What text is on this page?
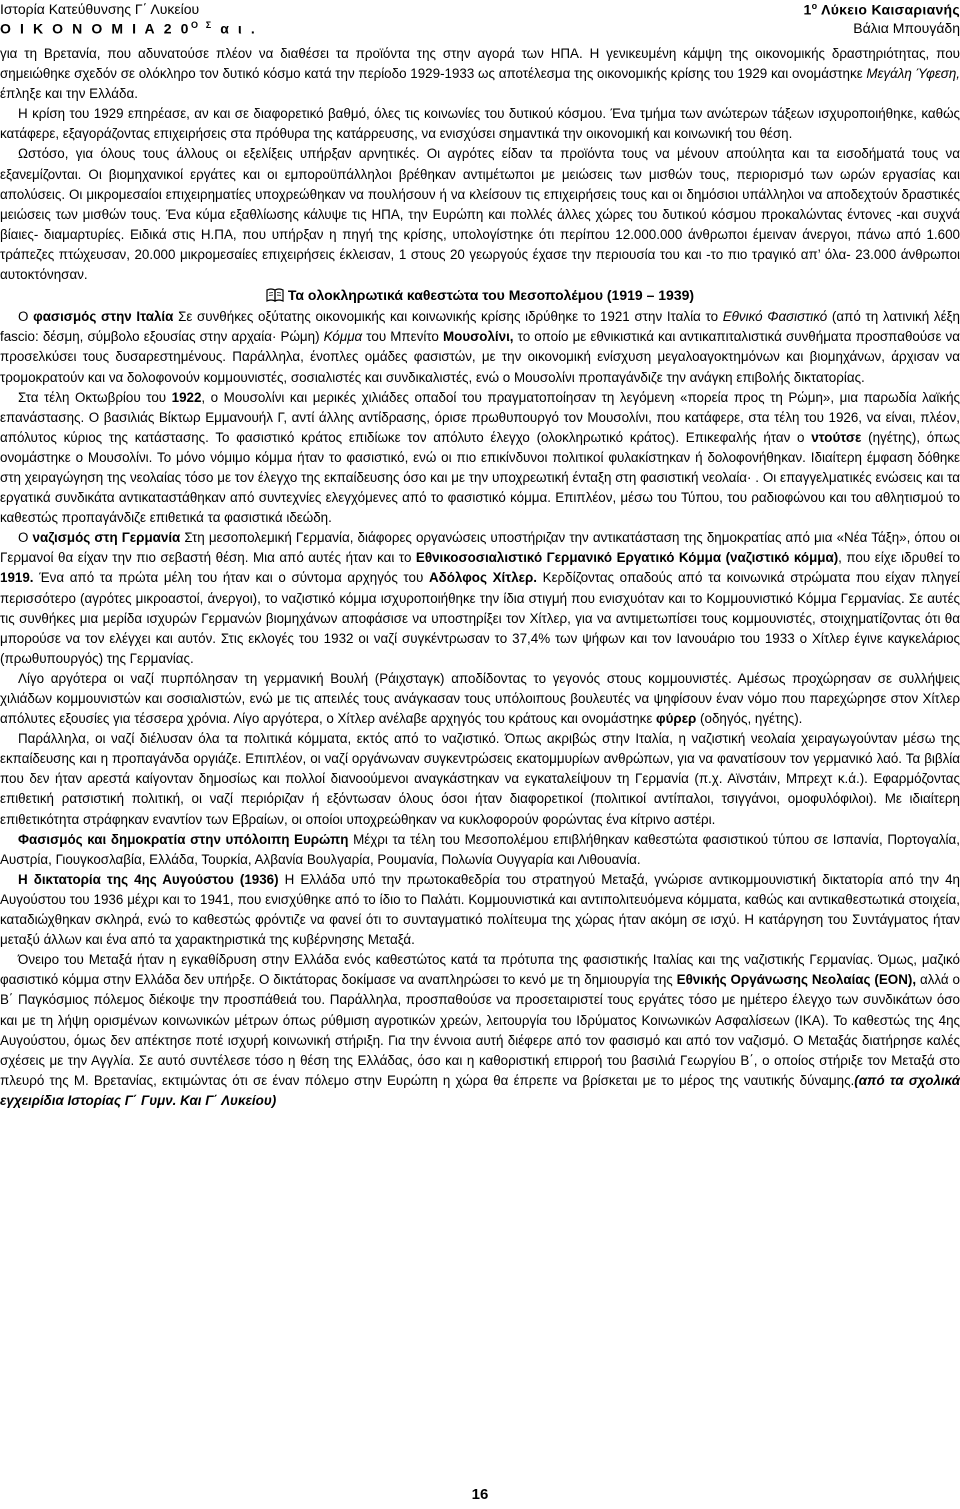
Ιστορία Κατεύθυνσης Γ΄ Λυκείου	$1^o$ Λύκειο Καισαριανής
Ο Ι Κ Ο Ν Ο Μ Ι Α 2 $0^{O \Sigma}$ α ι .	Βάλια Μπουγάδη

για τη Βρετανία, που αδυνατούσε πλέον να διαθέσει τα προϊόντα της στην αγορά των ΗΠΑ. Η γενικευμένη κάμψη της οικονομικής δραστηριότητας, που σημειώθηκε σχεδόν σε ολόκληρο τον δυτικό κόσμο κατά την περίοδο 1929-1933 ως αποτέλεσμα της οικονομικής κρίσης του 1929 και ονομάστηκε Μεγάλη Ύφεση, έπληξε και την Ελλάδα.

Η κρίση του 1929 επηρέασε, αν και σε διαφορετικό βαθμό, όλες τις κοινωνίες του δυτικού κόσμου. Ένα τμήμα των ανώτερων τάξεων ισχυροποιήθηκε, καθώς κατάφερε, εξαγοράζοντας επιχειρήσεις στα πρόθυρα της κατάρρευσης, να ενισχύσει σημαντικά την οικονομική και κοινωνική του θέση.

Ωστόσο, για όλους τους άλλους οι εξελίξεις υπήρξαν αρνητικές. Οι αγρότες είδαν τα προϊόντα τους να μένουν απούλητα και τα εισοδήματά τους να εξανεμίζονται. Οι βιομηχανικοί εργάτες και οι εμποροϋπάλληλοι βρέθηκαν αντιμέτωποι με μειώσεις των μισθών τους, περιορισμό των ωρών εργασίας και απολύσεις. Οι μικρομεσαίοι επιχειρηματίες υποχρεώθηκαν να πουλήσουν ή να κλείσουν τις επιχειρήσεις τους και οι δημόσιοι υπάλληλοι να αποδεχτούν δραστικές μειώσεις των μισθών τους. Ένα κύμα εξαθλίωσης κάλυψε τις ΗΠΑ, την Ευρώπη και πολλές άλλες χώρες του δυτικού κόσμου προκαλώντας έντονες -και συχνά βίαιες- διαμαρτυρίες. Ειδικά στις Η.ΠΑ, που υπήρξαν η πηγή της κρίσης, υπολογίστηκε ότι περίπου 12.000.000 άνθρωποι έμειναν άνεργοι, πάνω από 1.600 τράπεζες πτώχευσαν, 20.000 μικρομεσαίες επιχειρήσεις έκλεισαν, 1 στους 20 γεωργούς έχασε την περιουσία του και -το πιο τραγικό απ’ όλα- 23.000 άνθρωποι αυτοκτόνησαν.

Τα ολοκληρωτικά καθεστώτα του Μεσοπολέμου (1919 – 1939)

Ο φασισμός στην Ιταλία Σε συνθήκες οξύτατης οικονομικής και κοινωνικής κρίσης ιδρύθηκε το 1921 στην Ιταλία το Εθνικό Φασιστικό (από τη λατινική λέξη fascio: δέσμη, σύμβολο εξουσίας στην αρχαία· Ρώμη) Κόμμα του Μπενίτο Μουσολίνι, το οποίο με εθνικιστικά και αντικαπιταλιστικά συνθήματα προσπαθούσε να προσελκύσει τους δυσαρεστημένους. Παράλληλα, ένοπλες ομάδες φασιστών, με την οικονομική ενίσχυση μεγαλοαγοκτημόνων και βιομηχάνων, άρχισαν να τρομοκρατούν και να δολοφονούν κομμουνιστές, σοσιαλιστές και συνδικαλιστές, ενώ ο Μουσολίνι προπαγάνδιζε την ανάγκη επιβολής δικτατορίας.

Στα τέλη Οκτωβρίου του 1922, ο Μουσολίνι και μερικές χιλιάδες οπαδοί του πραγματοποίησαν τη λεγόμενη «πορεία προς τη Ρώμη», μια παρωδία λαϊκής επανάστασης. Ο βασιλιάς Βίκτωρ Εμμανουήλ Γ, αντί άλλης αντίδρασης, όρισε πρωθυπουργό τον Μουσολίνι, που κατάφερε, στα τέλη του 1926, να είναι, πλέον, απόλυτος κύριος της κατάστασης. Το φασιστικό κράτος επιδίωκε τον απόλυτο έλεγχο (ολοκληρωτικό κράτος). Επικεφαλής ήταν ο ντούτσε (ηγέτης), όπως ονομάστηκε ο Μουσολίνι. Το μόνο νόμιμο κόμμα ήταν το φασιστικό, ενώ οι πιο επικίνδυνοι πολιτικοί φυλακίστηκαν ή δολοφονήθηκαν. Ιδιαίτερη έμφαση δόθηκε στη χειραγώγηση της νεολαίας τόσο με τον έλεγχο της εκπαίδευσης όσο και με την υποχρεωτική ένταξη στη φασιστική νεολαία· . Οι επαγγελματικές ενώσεις και τα εργατικά συνδικάτα αντικαταστάθηκαν από συντεχνίες ελεγχόμενες από το φασιστικό κόμμα. Επιπλέον, μέσω του Τύπου, του ραδιοφώνου και του αθλητισμού το καθεστώς προπαγάνδιζε επιθετικά τα φασιστικά ιδεώδη.

Ο ναζισμός στη Γερμανία Στη μεσοπολεμική Γερμανία, διάφορες οργανώσεις υποστήριζαν την αντικατάσταση της δημοκρατίας από μια «Νέα Τάξη», όπου οι Γερμανοί θα είχαν την πιο σεβαστή θέση. Μια από αυτές ήταν και το Εθνικοσοσιαλιστικό Γερμανικό Εργατικό Κόμμα (ναζιστικό κόμμα), που είχε ιδρυθεί το 1919. Ένα από τα πρώτα μέλη του ήταν και ο σύντομα αρχηγός του Αδόλφος Χίτλερ. Κερδίζοντας οπαδούς από τα κοινωνικά στρώματα που είχαν πληγεί περισσότερο (αγρότες μικροαστοί, άνεργοι), το ναζιστικό κόμμα ισχυροποιήθηκε την ίδια στιγμή που ενισχυόταν και το Κομμουνιστικό Κόμμα Γερμανίας. Σε αυτές τις συνθήκες μια μερίδα ισχυρών Γερμανών βιομηχάνων αποφάσισε να υποστηρίξει τον Χίτλερ, για να αντιμετωπίσει τους κομμουνιστές, στοιχηματίζοντας ότι θα μπορούσε να τον ελέγχει και αυτόν. Στις εκλογές του 1932 οι ναζί συγκέντρωσαν το 37,4% των ψήφων και τον Ιανουάριο του 1933 ο Χίτλερ έγινε καγκελάριος (πρωθυπουργός) της Γερμανίας.

Λίγο αργότερα οι ναζί πυρπόλησαν τη γερμανική Βουλή (Ράιχσταγκ) αποδίδοντας το γεγονός στους κομμουνιστές. Αμέσως προχώρησαν σε συλλήψεις χιλιάδων κομμουνιστών και σοσιαλιστών, ενώ με τις απειλές τους ανάγκασαν τους υπόλοιπους βουλευτές να ψηφίσουν έναν νόμο που παρεχώρησε στον Χίτλερ απόλυτες εξουσίες για τέσσερα χρόνια. Λίγο αργότερα, ο Χίτλερ ανέλαβε αρχηγός του κράτους και ονομάστηκε φύρερ (οδηγός, ηγέτης).

Παράλληλα, οι ναζί διέλυσαν όλα τα πολιτικά κόμματα, εκτός από το ναζιστικό. Όπως ακριβώς στην Ιταλία, η ναζιστική νεολαία χειραγωγούνταν μέσω της εκπαίδευσης και η προπαγάνδα οργιάζε. Επιπλέον, οι ναζί οργάνωναν συγκεντρώσεις εκατομμυρίων ανθρώπων, για να φανατίσουν τον γερμανικό λαό. Τα βιβλία που δεν ήταν αρεστά καίγονταν δημοσίως και πολλοί διανοούμενοι αναγκάστηκαν να εγκαταλείψουν τη Γερμανία (π.χ. Αϊνστάιν, Μπρεχτ κ.ά.). Εφαρμόζοντας επιθετική ρατσιστική πολιτική, οι ναζί περιόριζαν ή εξόντωσαν όλους όσοι ήταν διαφορετικοί (πολιτικοί αντίπαλοι, τσιγγάνοι, ομοφυλόφιλοι). Με ιδιαίτερη επιθετικότητα στράφηκαν εναντίον των Εβραίων, οι οποίοι υποχρεώθηκαν να κυκλοφορούν φορώντας ένα κίτρινο αστέρι.

Φασισμός και δημοκρατία στην υπόλοιπη Ευρώπη Μέχρι τα τέλη του Μεσοπολέμου επιβλήθηκαν καθεστώτα φασιστικού τύπου σε Ισπανία, Πορτογαλία, Αυστρία, Γιουγκοσλαβία, Ελλάδα, Τουρκία, Αλβανία Βουλγαρία, Ρουμανία, Πολωνία Ουγγαρία και Λιθουανία.

Η δικτατορία της 4ης Αυγούστου (1936) Η Ελλάδα υπό την πρωτοκαθεδρία του στρατηγού Μεταξά, γνώρισε αντικομμουνιστική δικτατορία από την 4η Αυγούστου του 1936 μέχρι και το 1941, που ενισχύθηκε από το ίδιο το Παλάτι. Κομμουνιστικά και αντιπολιτευόμενα κόμματα, καθώς και αντικαθεστωτικά στοιχεία, καταδιώχθηκαν σκληρά, ενώ το καθεστώς φρόντιζε να φανεί ότι το συνταγματικό πολίτευμα της χώρας ήταν ακόμη σε ισχύ. Η κατάργηση του Συντάγματος ήταν μεταξύ άλλων και ένα από τα χαρακτηριστικά της κυβέρνησης Μεταξά.

Όνειρο του Μεταξά ήταν η εγκαθίδρυση στην Ελλάδα ενός καθεστώτος κατά τα πρότυπα της φασιστικής Ιταλίας και της ναζιστικής Γερμανίας. Όμως, μαζικό φασιστικό κόμμα στην Ελλάδα δεν υπήρξε. Ο δικτάτορας δοκίμασε να αναπληρώσει το κενό με τη δημιουργία της Εθνικής Οργάνωσης Νεολαίας (ΕΟΝ), αλλά ο Β΄ Παγκόσμιος πόλεμος διέκοψε την προσπάθειά του. Παράλληλα, προσπαθούσε να προσεταιριστεί τους εργάτες τόσο με ημέτερο έλεγχο των συνδικάτων όσο και με τη λήψη ορισμένων κοινωνικών μέτρων όπως ρύθμιση αγροτικών χρεών, λειτουργία του Ιδρύματος Κοινωνικών Ασφαλίσεων (ΙΚΑ). Το καθεστώς της 4ης Αυγούστου, όμως δεν απέκτησε ποτέ ισχυρή κοινωνική στήριξη. Για την έννοια αυτή διέφερε από τον φασισμό και από τον ναζισμό. Ο Μεταξάς διατήρησε καλές σχέσεις με την Αγγλία. Σε αυτό συντέλεσε τόσο η θέση της Ελλάδας, όσο και η καθοριστική επιρροή του βασιλιά Γεωργίου Β΄, ο οποίος στήριξε τον Μεταξά στο πλευρό της Μ. Βρετανίας, εκτιμώντας ότι σε έναν πόλεμο στην Ευρώπη η χώρα θα έπρεπε να βρίσκεται με το μέρος της ναυτικής δύναμης.(από τα σχολικά εγχειρίδια Ιστορίας Γ΄ Γυμν. Και Γ΄ Λυκείου)

16
